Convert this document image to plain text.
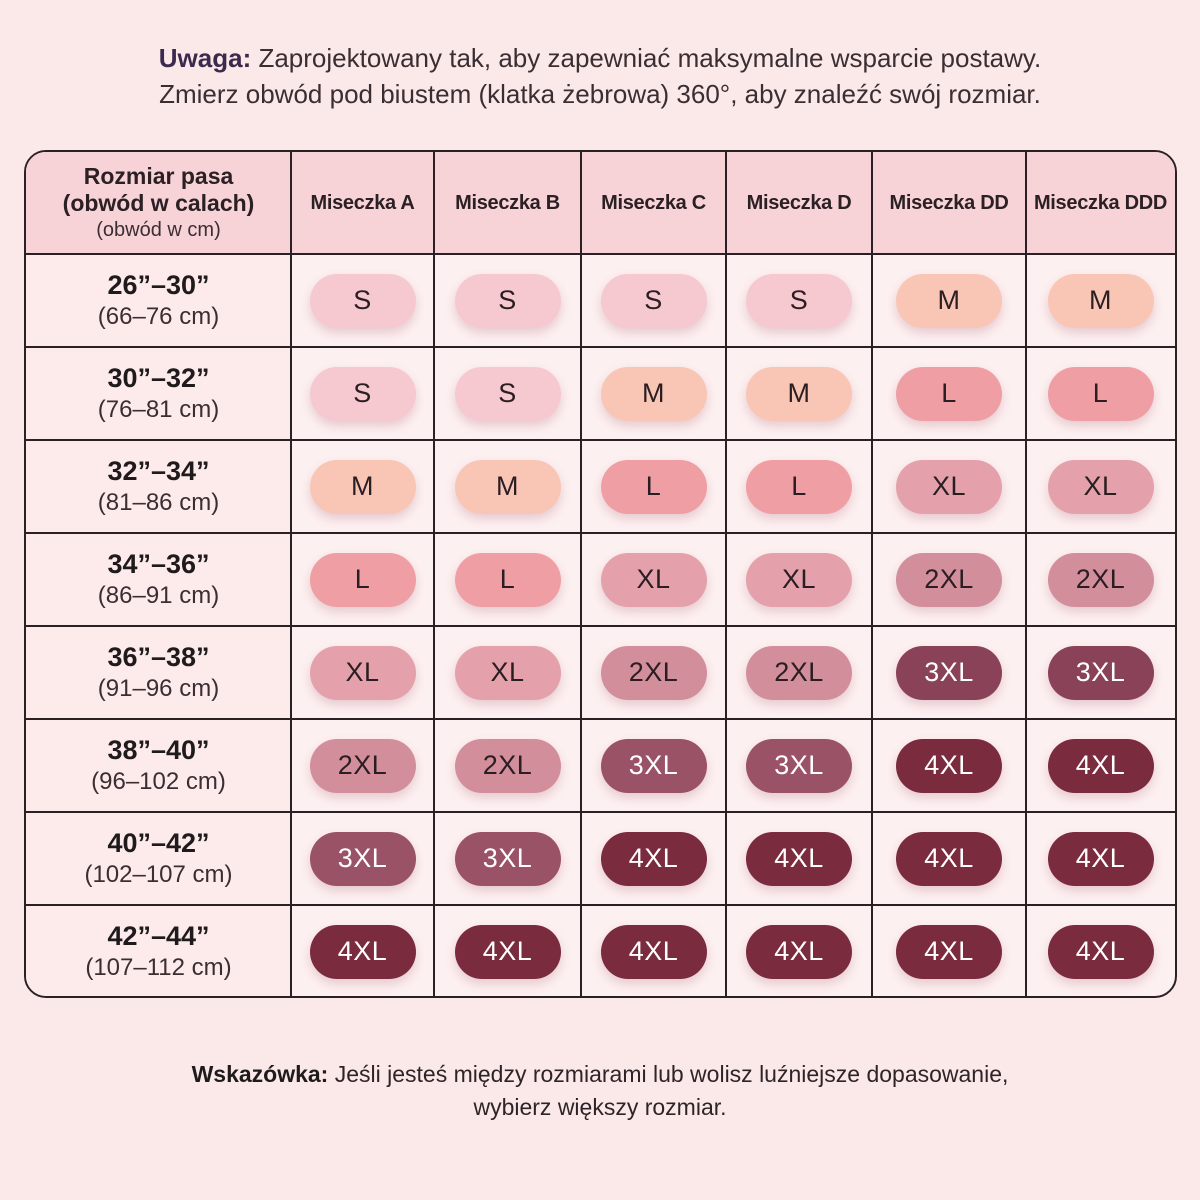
Uwaga: Zaprojektowany tak, aby zapewniać maksymalne wsparcie postawy.
Zmierz obwód pod biustem (klatka żebrowa) 360°, aby znaleźć swój rozmiar.
Rozmiar pasa
(obwód w calach)
(obwód w cm)
Miseczka A	Miseczka B	Miseczka C	Miseczka D	Miseczka DD	Miseczka DDD
26”–30”
(66–76 cm)
S	S	S	S	M	M
30”–32”
(76–81 cm)
S	S	M	M	L	L
32”–34”
(81–86 cm)
M	M	L	L	XL	XL
34”–36”
(86–91 cm)
L	L	XL	XL	2XL	2XL
36”–38”
(91–96 cm)
XL	XL	2XL	2XL	3XL	3XL
38”–40”
(96–102 cm)
2XL	2XL	3XL	3XL	4XL	4XL
40”–42”
(102–107 cm)
3XL	3XL	4XL	4XL	4XL	4XL
42”–44”
(107–112 cm)
4XL	4XL	4XL	4XL	4XL	4XL
Wskazówka: Jeśli jesteś między rozmiarami lub wolisz luźniejsze dopasowanie,
wybierz większy rozmiar.
